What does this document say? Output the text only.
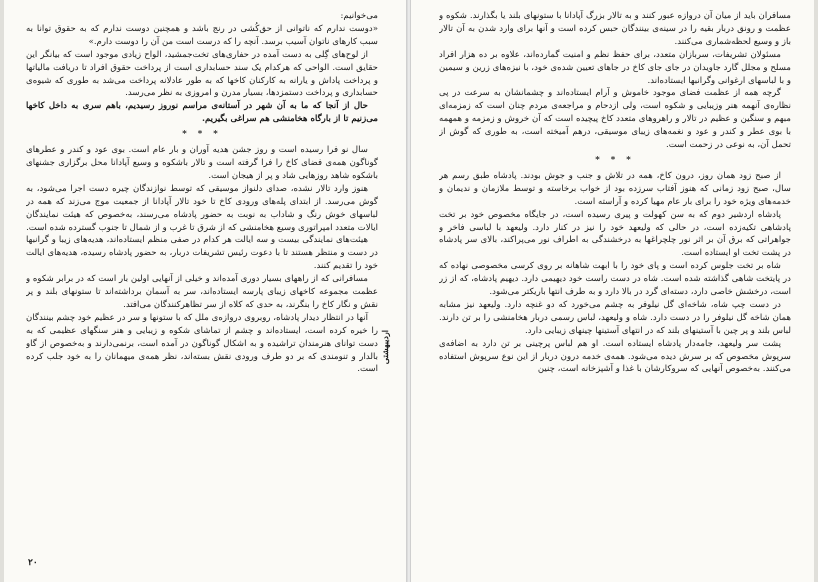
می‌خوانیم:

«دوست ندارم که ناتوانی از حق‌کُشی در رنج باشد و همچنین دوست ندارم که به حقوق توانا به سبب کارهای ناتوان آسیب برسد. آنچه را که درست است من آن را دوست دارم.»

از لوح‌های گِلی به دست آمده در حفاری‌های تخت‌جمشید، الواح زیادی موجود است که بیانگر این حقایق است. الواحی که هرکدام یک سند حسابداری است از پرداخت حقوق افراد تا دریافت مالیاتها و پرداخت پاداش و یارانه به کارکنان کاخها که به طور عادلانه پرداخت می‌شد به طوری که شیوه‌ی حسابداری و پرداخت دستمزدها، بسیار مدرن و امروزی به نظر می‌رسد.

حال از آنجا که ما به آن شهر در آستانه‌ی مراسم نوروز رسیدیم، باهم سری به داخل کاخها می‌زنیم تا از بارگاه هخامنشی هم سراغی بگیریم.

* * *

سال نو فرا رسیده است و روز جشن هدیه آوران و بار عام است. بوی عود و کندر و عطرهای گوناگون همه‌ی فضای کاخ را فرا گرفته است و تالار باشکوه و وسیع آپادانا محل برگزاری جشنهای باشکوه شاهد روزهایی شاد و پر از هیجان است.

هنوز وارد تالار نشده، صدای دلنواز موسیقی که توسط نوازندگان چیره دست اجرا می‌شود، به گوش می‌رسد. از ابتدای پله‌های ورودی کاخ تا خود تالار آپادانا از جمعیت موج می‌زند که همه در لباسهای خوش رنگ و شاداب به نوبت به حضور پادشاه می‌رسند، به‌خصوص که هیئت نمایندگان ایالات متعدد امپراتوری وسیع هخامنشی که از شرق تا غرب و از شمال تا جنوب گسترده شده است.

هیئت‌های نمایندگی بیست و سه ایالت هر کدام در صفی منظم ایستاده‌اند، هدیه‌های زیبا و گرانبها در دست و منتظر هستند تا با دعوت رئیس تشریفات دربار، به حضور پادشاه رسیده، هدیه‌های ایالت خود را تقدیم کنند.

مسافرانی که از راههای بسیار دوری آمده‌اند و خیلی از آنهایی اولین بار است که در برابر شکوه و عظمت مجموعه کاخهای زیبای پارسه ایستاده‌اند، سر به آسمان برداشته‌اند تا ستونهای بلند و پر نقش و نگار کاخ را بنگرند، به حدی که کلاه از سر تظاهرکنندگان می‌افتد.

آنها در انتظار دیدار پادشاه، روبروی دروازه‌ی ملل که با ستونها و سر در عظیم خود چشم بینندگان را خیره کرده است، ایستاده‌اند و چشم از تماشای شکوه و زیبایی و هنر سنگهای عظیمی که به دست توانای هنرمندان تراشیده و به اشکال گوناگون در آمده است، برنمی‌دارند و به‌خصوص از گاو بالدار و تنومندی که بر دو طرف ورودی نقش بسته‌اند، نظر همه‌ی میهمانان را به خود جلب کرده است.

اردیبهشتی
۲۰

مسافران باید از میان آن دروازه عبور کنند و به تالار بزرگ آپادانا با ستونهای بلند یا بگذارند. شکوه و عظمت و رونق دربار بقیه را در سینه‌ی بینندگان حبس کرده است و آنها برای وارد شدن به آن تالار باز و وسیع لحظه‌شماری می‌کنند.

مسئولان تشریفات، سربازان متعدد، برای حفظ نظم و امنیت گمارده‌اند، علاوه بر ده هزار افراد مسلح و مجلل گارد جاویدان در جای جای کاخ در جاهای تعیین شده‌ی خود، با نیزه‌های زرین و سیمین و با لباسهای ارغوانی وگرانبها ایستاده‌اند.

گرچه همه از عظمت فضای موجود خاموش و آرام ایستاده‌اند و چشمانشان به سرعت در پی نظاره‌ی آنهمه هنر وزیبایی و شکوه است، ولی ازدحام و مراجعه‌ی مردم چنان است که زمزمه‌ای مبهم و سنگین و عظیم در تالار و راهروهای متعدد کاخ پیچیده است که آن خروش و زمزمه و همهمه با بوی عطر و کندر و عود و نغمه‌های زیبای موسیقی، درهم آمیخته است، به طوری که گوش از تحمل آن، به نوعی در زحمت است.

* * *

از صبح زود همان روز، درون کاخ، همه در تلاش و جنب و جوش بودند. پادشاه طبق رسم هر سال، صبح زود زمانی که هنوز آفتاب سرزده بود از خواب برخاسته و توسط ملازمان و ندیمان و خدمه‌های ویژه خود را برای بار عام مهیا کرده و آراسته است.

پادشاه اردشیر دوم که به سن کهولت و پیری رسیده است، در جایگاه مخصوص خود بر تخت پادشاهی تکیه‌زده است، در حالی که ولیعهد خود را نیز در کنار دارد. ولیعهد با لباسی فاخر و جواهراتی که برق آن بر اثر نور چلچراغها به درخشندگی به اطراف نور می‌پراکند، بالای سر پادشاه در پشت تخت او ایستاده است.

شاه بر تخت جلوس کرده است و پای خود را با ابهت شاهانه بر روی کرسی مخصوصی نهاده که در پایتخت شاهی گذاشته شده است. شاه در دست راست خود دیهیمی دارد. دیهیم پادشاه، که از زر است، درخشش خاصی دارد، دسته‌ای گرد در بالا دارد و به طرف انتها باریکتر می‌شود.

در دست چپ شاه، شاخه‌ای گل نیلوفر به چشم می‌خورد که دو غنچه دارد. ولیعهد نیز مشابه همان شاخه گل نیلوفر را در دست دارد. شاه و ولیعهد، لباس رسمی دربار هخامنشی را بر تن دارند. لباس بلند و پر چین با آستینهای بلند که در انتهای آستینها چینهای زیبایی دارد.

پشت سر ولیعهد، جامه‌دار پادشاه ایستاده است. او هم لباس پرچینی بر تن دارد به اضافه‌ی سرپوش مخصوص که بر سرش دیده می‌شود. همه‌ی خدمه درون دربار از این نوع سرپوش استفاده می‌کنند. به‌خصوص آنهایی که سروکارشان با غذا و آشپزخانه است، چنین
